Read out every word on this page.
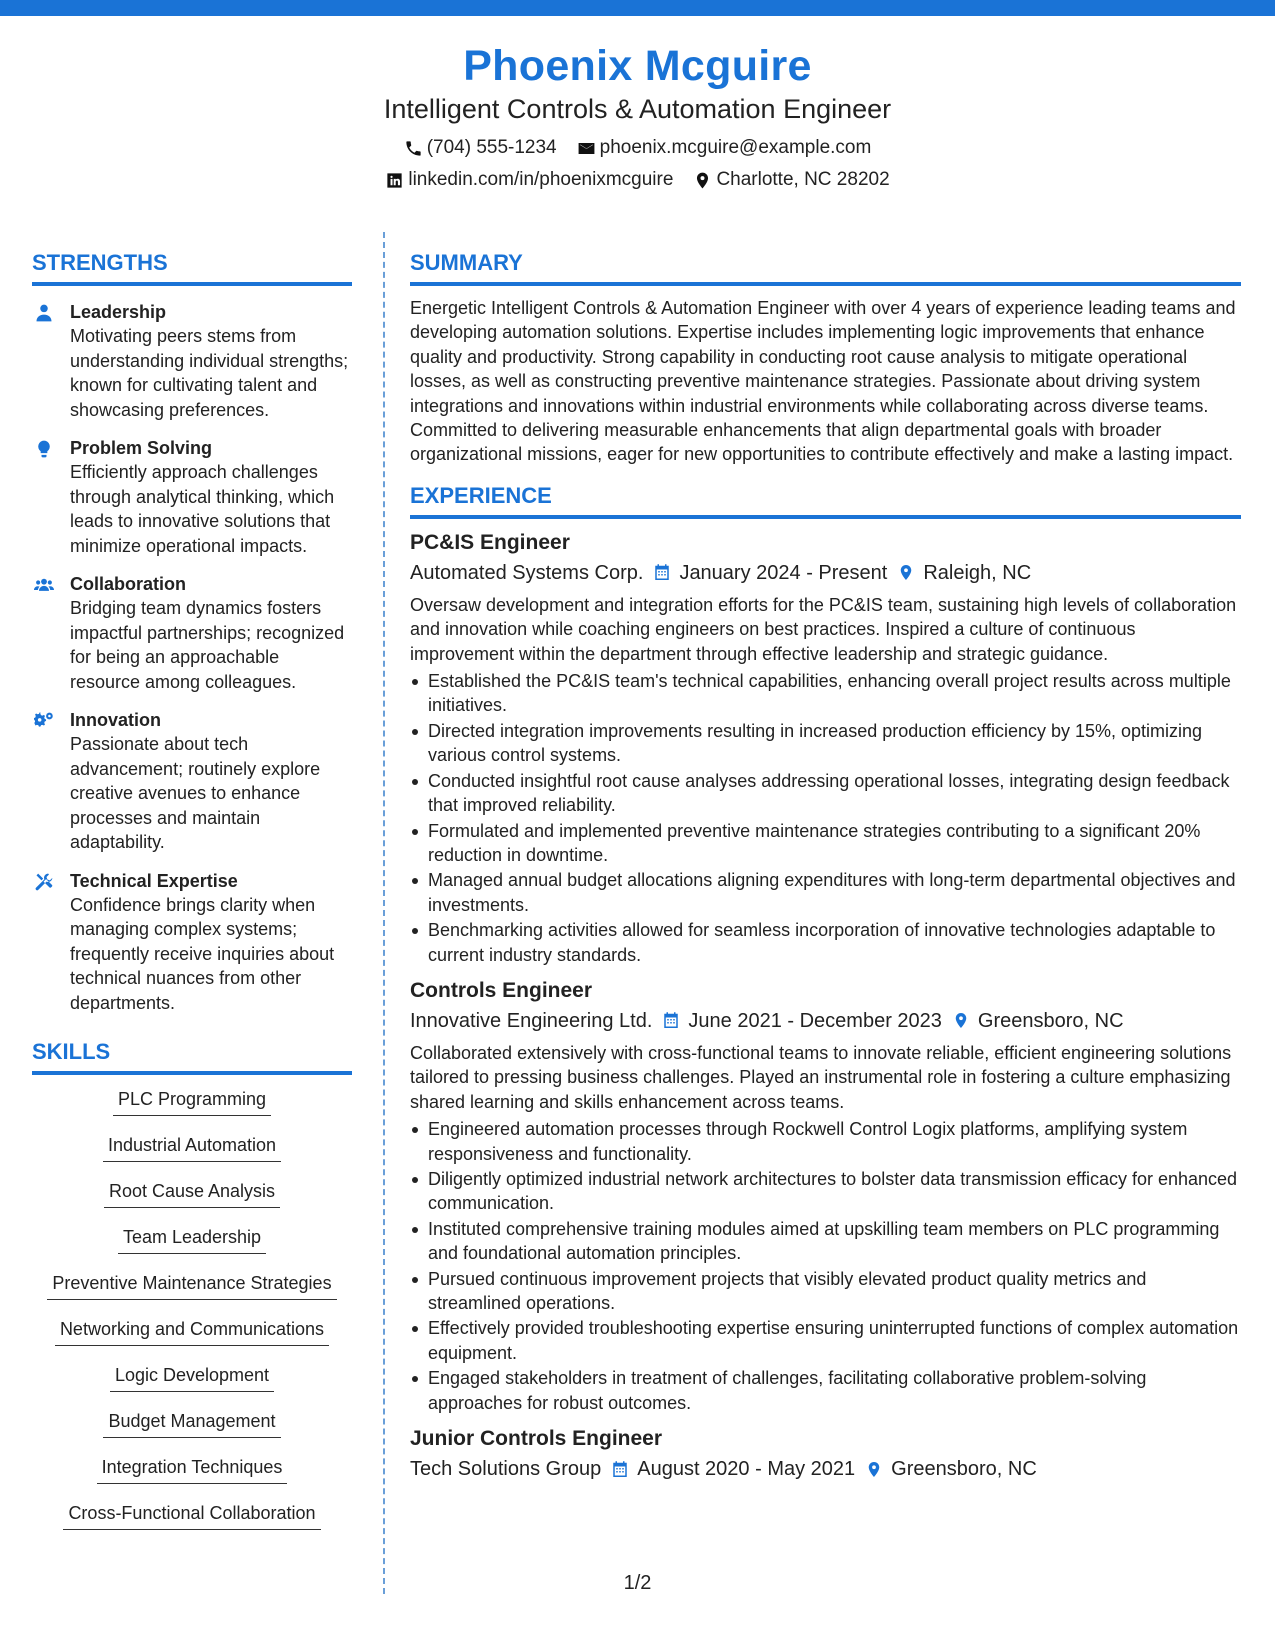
Phoenix Mcguire
Intelligent Controls & Automation Engineer
(704) 555-1234 phoenix.mcguire@example.com
linkedin.com/in/phoenixmcguire Charlotte, NC 28202
STRENGTHS
Leadership
Motivating peers stems from understanding individual strengths; known for cultivating talent and showcasing preferences.
Problem Solving
Efficiently approach challenges through analytical thinking, which leads to innovative solutions that minimize operational impacts.
Collaboration
Bridging team dynamics fosters impactful partnerships; recognized for being an approachable resource among colleagues.
Innovation
Passionate about tech advancement; routinely explore creative avenues to enhance processes and maintain adaptability.
Technical Expertise
Confidence brings clarity when managing complex systems; frequently receive inquiries about technical nuances from other departments.
SKILLS
PLC Programming
Industrial Automation
Root Cause Analysis
Team Leadership
Preventive Maintenance Strategies
Networking and Communications
Logic Development
Budget Management
Integration Techniques
Cross-Functional Collaboration
SUMMARY
Energetic Intelligent Controls & Automation Engineer with over 4 years of experience leading teams and developing automation solutions. Expertise includes implementing logic improvements that enhance quality and productivity. Strong capability in conducting root cause analysis to mitigate operational losses, as well as constructing preventive maintenance strategies. Passionate about driving system integrations and innovations within industrial environments while collaborating across diverse teams. Committed to delivering measurable enhancements that align departmental goals with broader organizational missions, eager for new opportunities to contribute effectively and make a lasting impact.
EXPERIENCE
PC&IS Engineer
Automated Systems Corp. January 2024 - Present Raleigh, NC
Oversaw development and integration efforts for the PC&IS team, sustaining high levels of collaboration and innovation while coaching engineers on best practices. Inspired a culture of continuous improvement within the department through effective leadership and strategic guidance.
Established the PC&IS team's technical capabilities, enhancing overall project results across multiple initiatives.
Directed integration improvements resulting in increased production efficiency by 15%, optimizing various control systems.
Conducted insightful root cause analyses addressing operational losses, integrating design feedback that improved reliability.
Formulated and implemented preventive maintenance strategies contributing to a significant 20% reduction in downtime.
Managed annual budget allocations aligning expenditures with long-term departmental objectives and investments.
Benchmarking activities allowed for seamless incorporation of innovative technologies adaptable to current industry standards.
Controls Engineer
Innovative Engineering Ltd. June 2021 - December 2023 Greensboro, NC
Collaborated extensively with cross-functional teams to innovate reliable, efficient engineering solutions tailored to pressing business challenges. Played an instrumental role in fostering a culture emphasizing shared learning and skills enhancement across teams.
Engineered automation processes through Rockwell Control Logix platforms, amplifying system responsiveness and functionality.
Diligently optimized industrial network architectures to bolster data transmission efficacy for enhanced communication.
Instituted comprehensive training modules aimed at upskilling team members on PLC programming and foundational automation principles.
Pursued continuous improvement projects that visibly elevated product quality metrics and streamlined operations.
Effectively provided troubleshooting expertise ensuring uninterrupted functions of complex automation equipment.
Engaged stakeholders in treatment of challenges, facilitating collaborative problem-solving approaches for robust outcomes.
Junior Controls Engineer
Tech Solutions Group August 2020 - May 2021 Greensboro, NC
1/2
